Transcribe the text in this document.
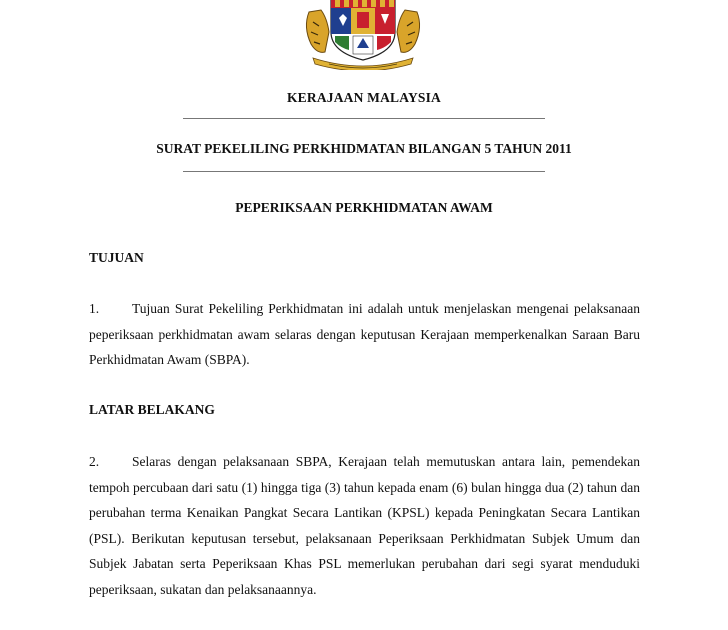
KERAJAAN MALAYSIA
SURAT PEKELILING PERKHIDMATAN BILANGAN 5 TAHUN 2011
PEPERIKSAAN PERKHIDMATAN AWAM
TUJUAN
1. Tujuan Surat Pekeliling Perkhidmatan ini adalah untuk menjelaskan mengenai pelaksanaan peperiksaan perkhidmatan awam selaras dengan keputusan Kerajaan memperkenalkan Saraan Baru Perkhidmatan Awam (SBPA).
LATAR BELAKANG
2. Selaras dengan pelaksanaan SBPA, Kerajaan telah memutuskan antara lain, pemendekan tempoh percubaan dari satu (1) hingga tiga (3) tahun kepada enam (6) bulan hingga dua (2) tahun dan perubahan terma Kenaikan Pangkat Secara Lantikan (KPSL) kepada Peningkatan Secara Lantikan (PSL). Berikutan keputusan tersebut, pelaksanaan Peperiksaan Perkhidmatan Subjek Umum dan Subjek Jabatan serta Peperiksaan Khas PSL memerlukan perubahan dari segi syarat menduduki peperiksaan, sukatan dan pelaksanaannya.
